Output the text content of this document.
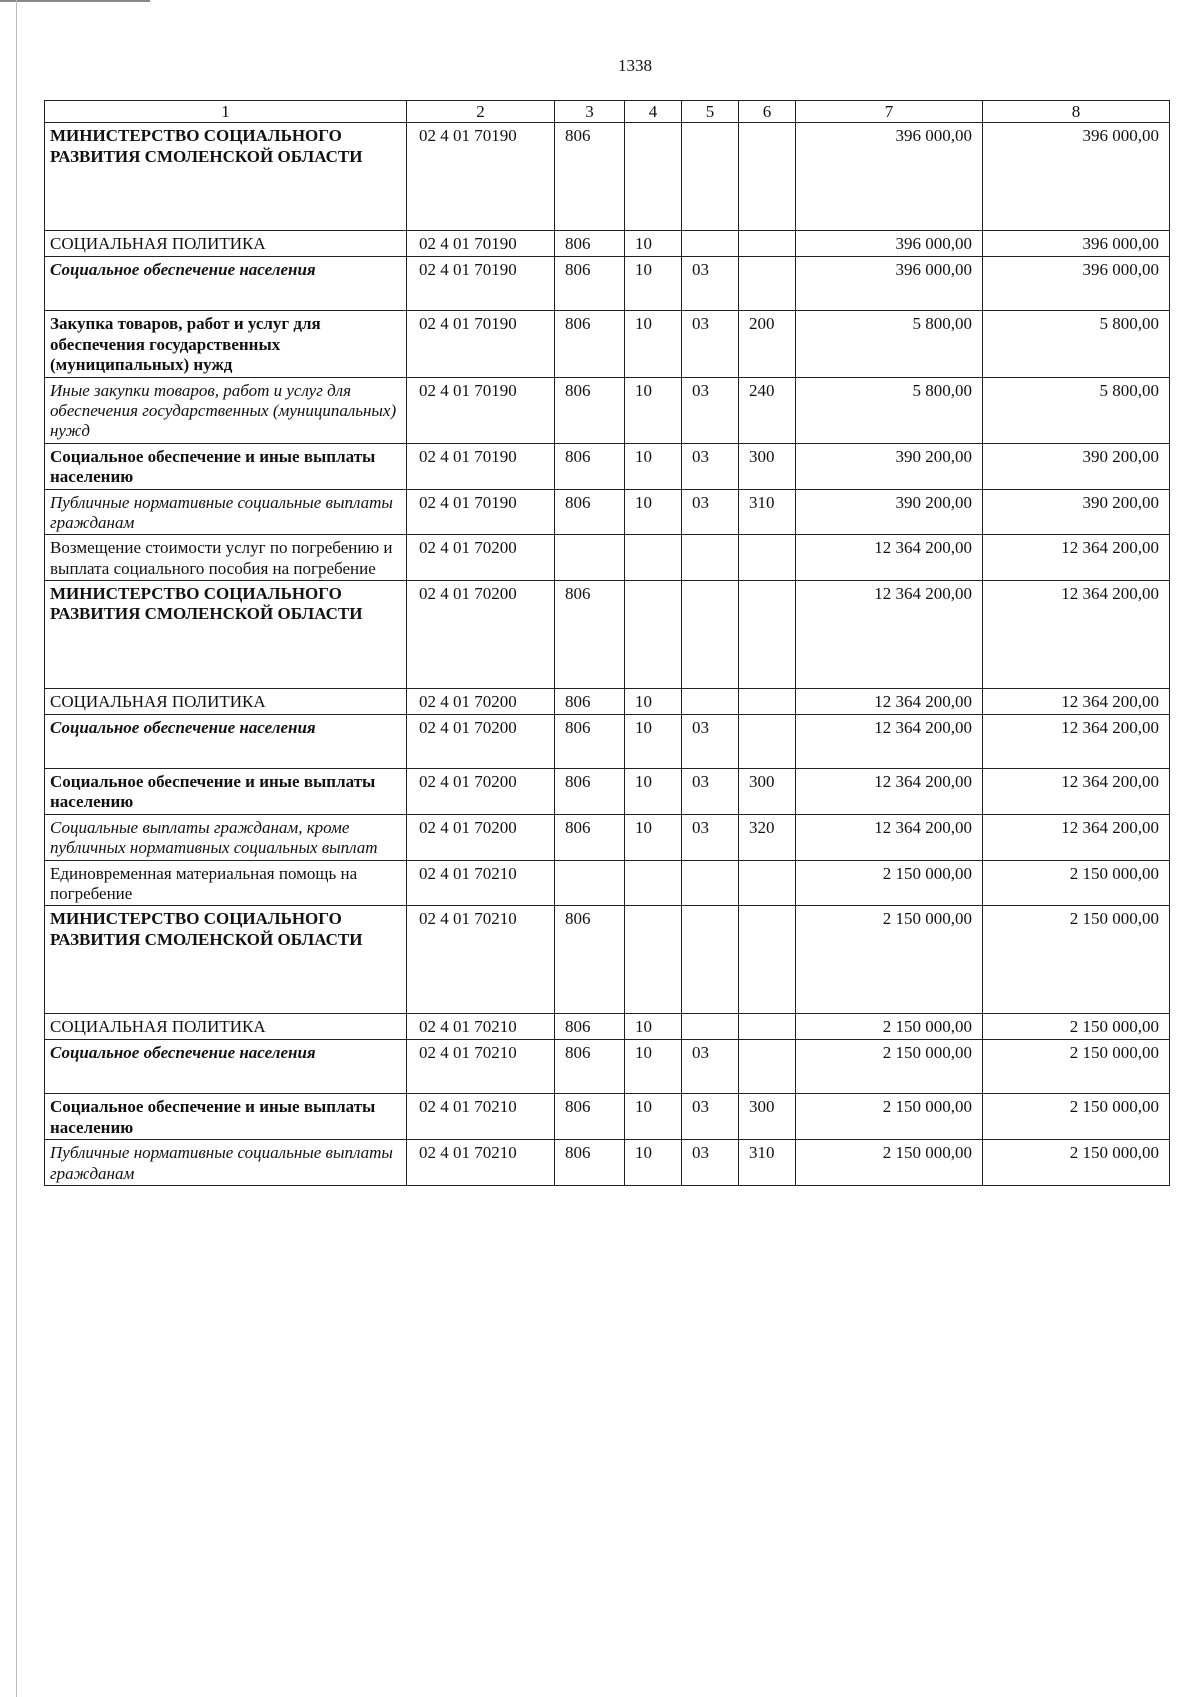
1338
1	2	3	4	5	6	7	8
МИНИСТЕРСТВО СОЦИАЛЬНОГО РАЗВИТИЯ СМОЛЕНСКОЙ ОБЛАСТИ	02 4 01 70190	806				396 000,00	396 000,00
СОЦИАЛЬНАЯ ПОЛИТИКА	02 4 01 70190	806	10			396 000,00	396 000,00
Социальное обеспечение населения	02 4 01 70190	806	10	03		396 000,00	396 000,00
Закупка товаров, работ и услуг для обеспечения государственных (муниципальных) нужд	02 4 01 70190	806	10	03	200	5 800,00	5 800,00
Иные закупки товаров, работ и услуг для обеспечения государственных (муниципальных) нужд	02 4 01 70190	806	10	03	240	5 800,00	5 800,00
Социальное обеспечение и иные выплаты населению	02 4 01 70190	806	10	03	300	390 200,00	390 200,00
Публичные нормативные социальные выплаты гражданам	02 4 01 70190	806	10	03	310	390 200,00	390 200,00
Возмещение стоимости услуг по погребению и выплата социального пособия на погребение	02 4 01 70200					12 364 200,00	12 364 200,00
МИНИСТЕРСТВО СОЦИАЛЬНОГО РАЗВИТИЯ СМОЛЕНСКОЙ ОБЛАСТИ	02 4 01 70200	806				12 364 200,00	12 364 200,00
СОЦИАЛЬНАЯ ПОЛИТИКА	02 4 01 70200	806	10			12 364 200,00	12 364 200,00
Социальное обеспечение населения	02 4 01 70200	806	10	03		12 364 200,00	12 364 200,00
Социальное обеспечение и иные выплаты населению	02 4 01 70200	806	10	03	300	12 364 200,00	12 364 200,00
Социальные выплаты гражданам, кроме публичных нормативных социальных выплат	02 4 01 70200	806	10	03	320	12 364 200,00	12 364 200,00
Единовременная материальная помощь на погребение	02 4 01 70210					2 150 000,00	2 150 000,00
МИНИСТЕРСТВО СОЦИАЛЬНОГО РАЗВИТИЯ СМОЛЕНСКОЙ ОБЛАСТИ	02 4 01 70210	806				2 150 000,00	2 150 000,00
СОЦИАЛЬНАЯ ПОЛИТИКА	02 4 01 70210	806	10			2 150 000,00	2 150 000,00
Социальное обеспечение населения	02 4 01 70210	806	10	03		2 150 000,00	2 150 000,00
Социальное обеспечение и иные выплаты населению	02 4 01 70210	806	10	03	300	2 150 000,00	2 150 000,00
Публичные нормативные социальные выплаты гражданам	02 4 01 70210	806	10	03	310	2 150 000,00	2 150 000,00
